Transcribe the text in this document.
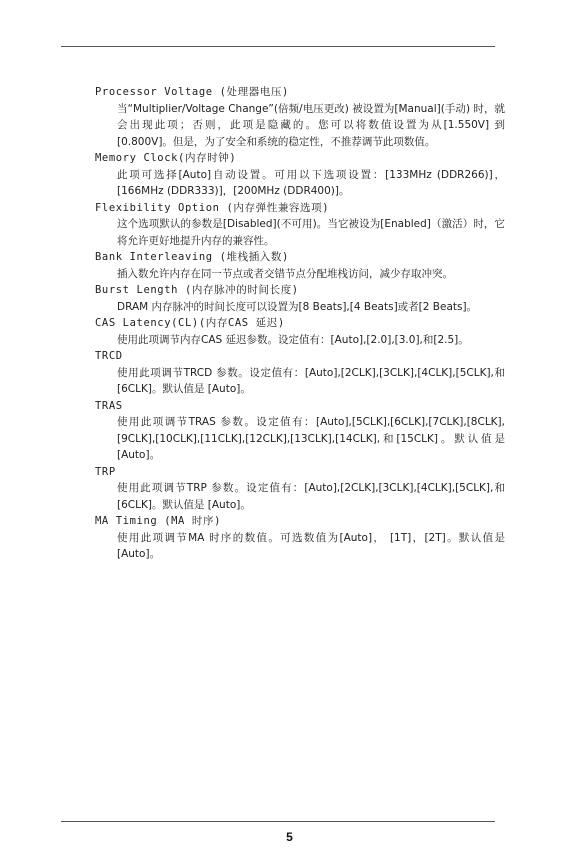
Processor Voltage (处理器电压)
当“Multiplier/Voltage Change”(倍频/电压更改) 被设置为[Manual](手动) 时，就会出现此项；否则，此项是隐藏的。您可以将数值设置为从[1.550V] 到[0.800V]。但是，为了安全和系统的稳定性，不推荐调节此项数值。
Memory Clock(内存时钟)
此项可选择[Auto]自动设置。可用以下选项设置：[133MHz (DDR266)]，[166MHz (DDR333)]，[200MHz (DDR400)]。
Flexibility Option (内存弹性兼容选项)
这个选项默认的参数是[Disabled](不可用)。当它被设为[Enabled]（激活）时，它将允许更好地提升内存的兼容性。
Bank Interleaving (堆栈插入数)
插入数允许内存在同一节点或者交错节点分配堆栈访问，减少存取冲突。
Burst Length (内存脉冲的时间长度)
DRAM 内存脉冲的时间长度可以设置为[8 Beats],[4 Beats]或者[2 Beats]。
CAS Latency(CL)(内存CAS 延迟)
使用此项调节内存CAS 延迟参数。设定值有：[Auto],[2.0],[3.0],和[2.5]。
TRCD
使用此项调节TRCD 参数。设定值有：[Auto],[2CLK],[3CLK],[4CLK],[5CLK],和[6CLK]。默认值是 [Auto]。
TRAS
使用此项调节TRAS 参数。设定值有：[Auto],[5CLK],[6CLK],[7CLK],[8CLK],[9CLK],[10CLK],[11CLK],[12CLK],[13CLK],[14CLK],和[15CLK]。默认值是 [Auto]。
TRP
使用此项调节TRP 参数。设定值有：[Auto],[2CLK],[3CLK],[4CLK],[5CLK],和[6CLK]。默认值是 [Auto]。
MA Timing (MA 时序)
使用此项调节MA 时序的数值。可选数值为[Auto]， [1T]，[2T]。默认值是 [Auto]。
5
